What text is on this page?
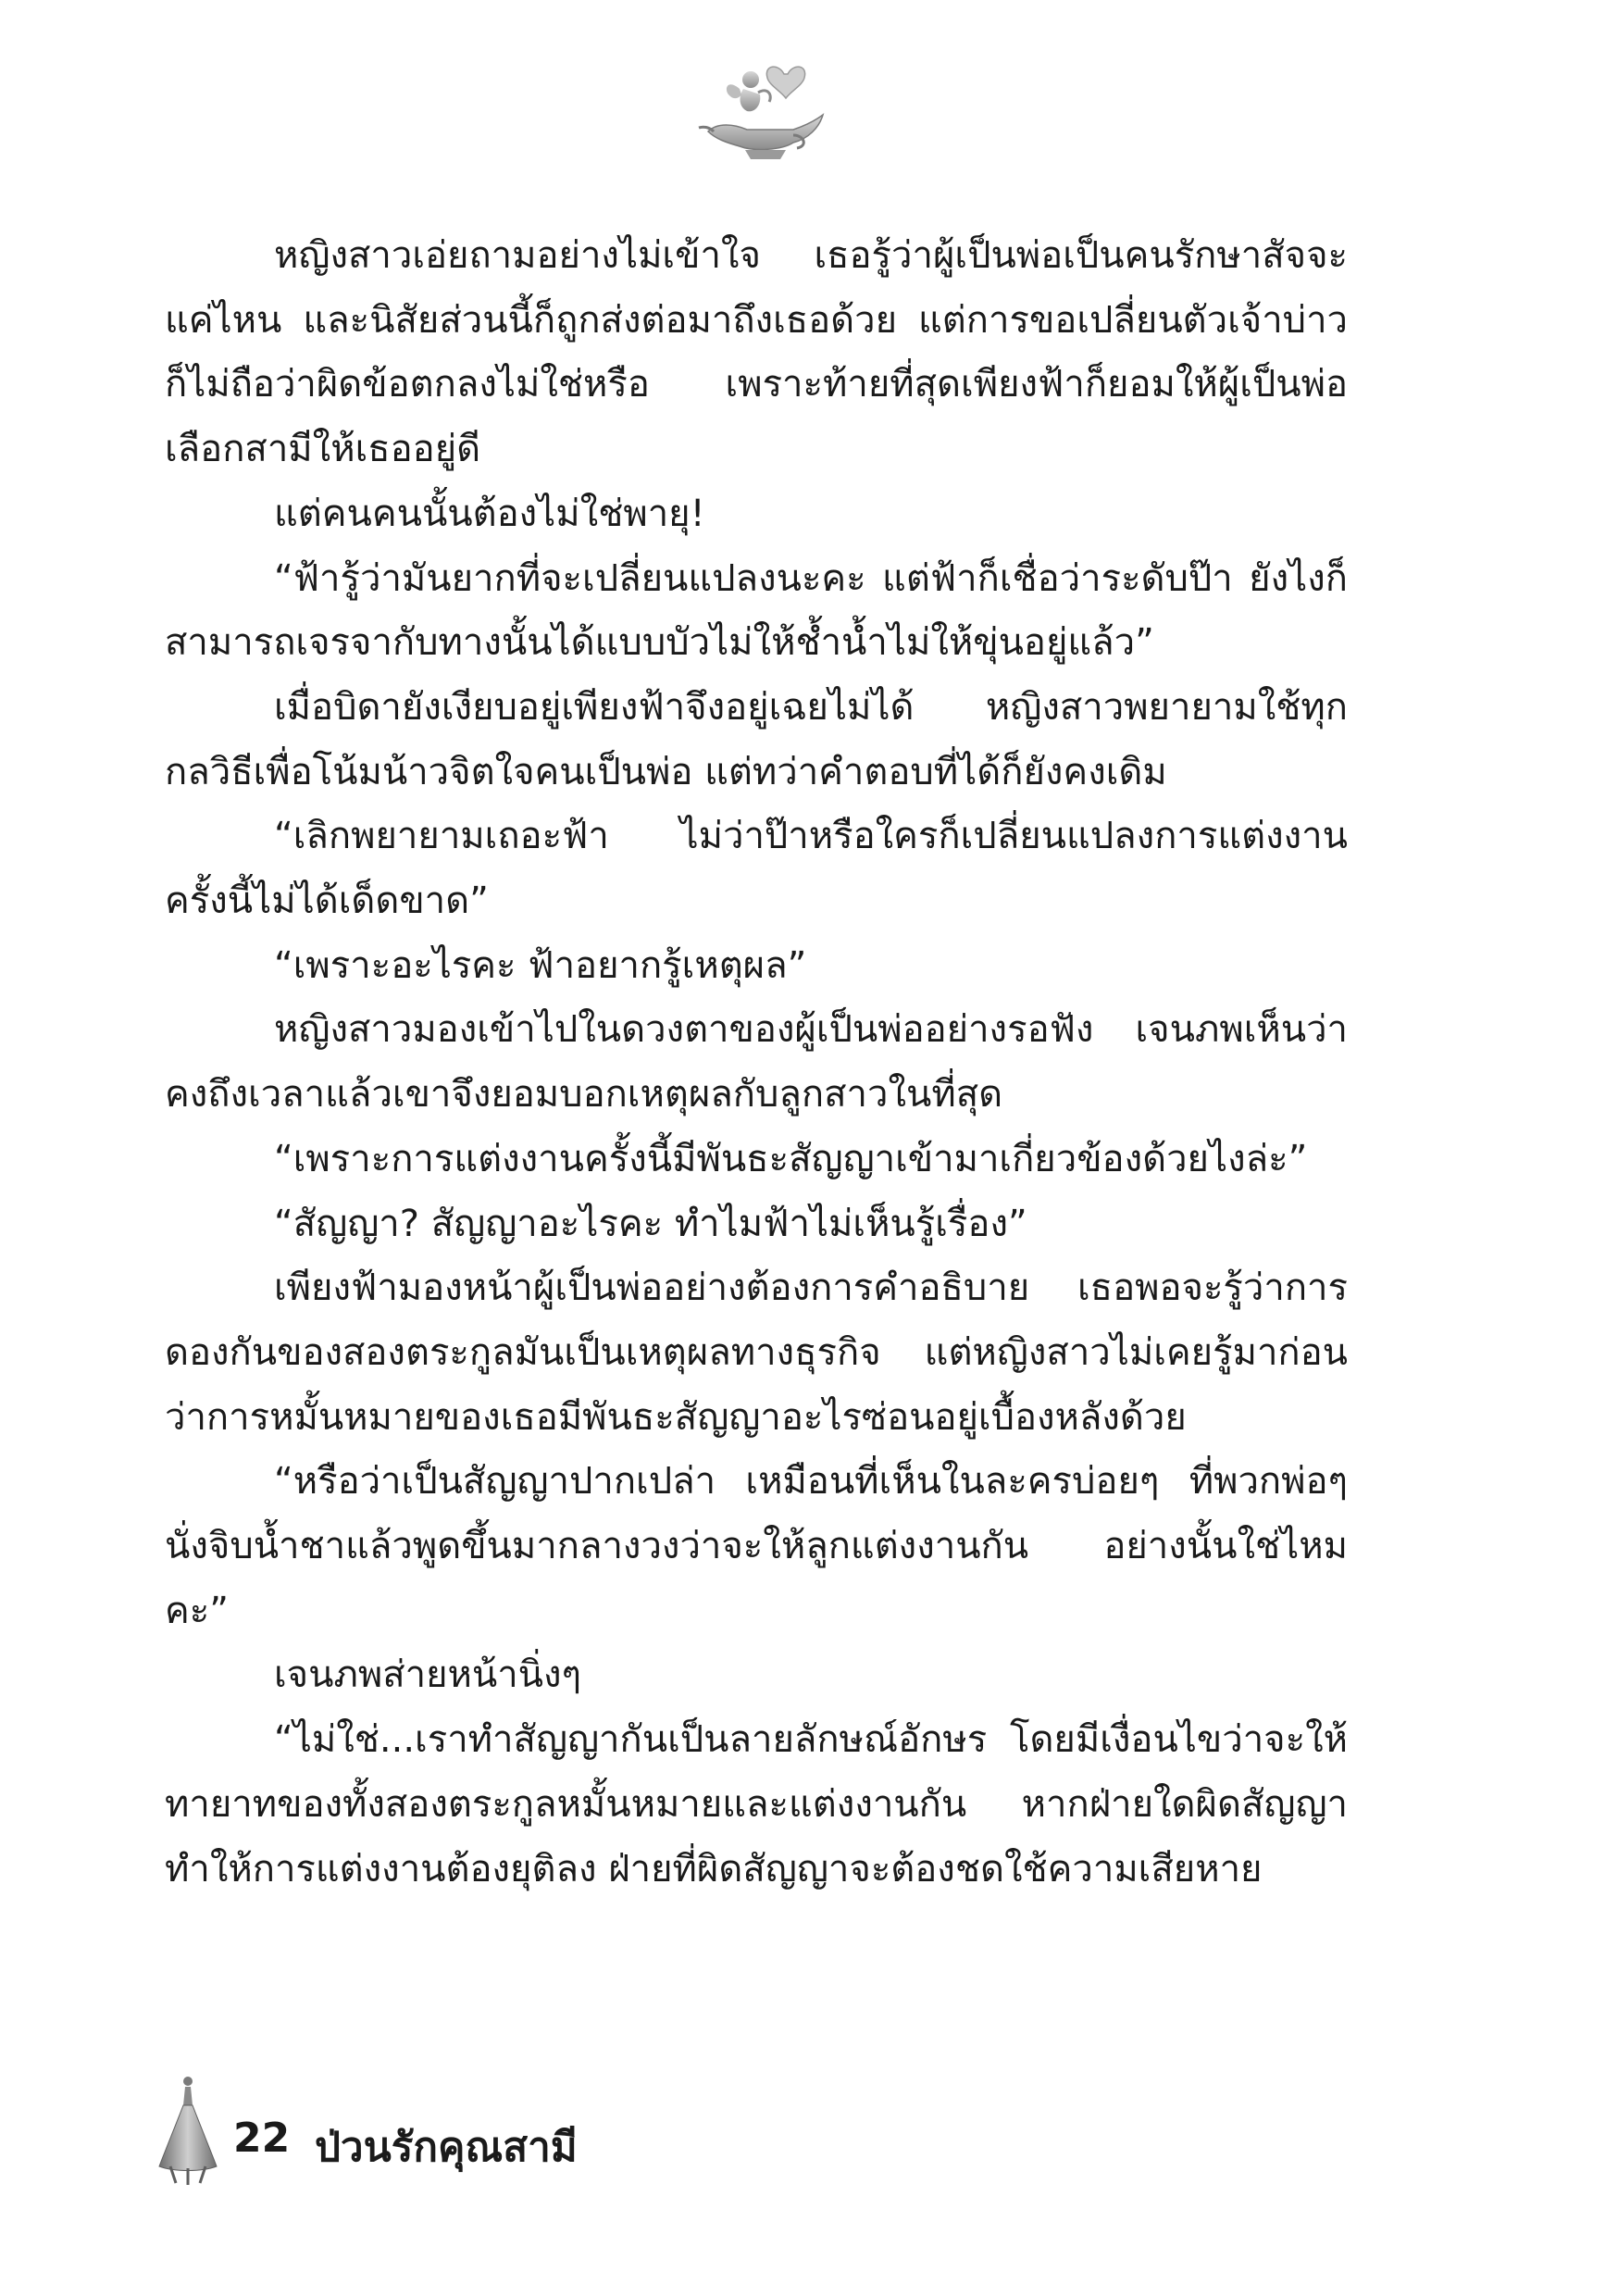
หญิงสาวเอ่ยถามอย่างไม่เข้าใจ เธอรู้ว่าผู้เป็นพ่อเป็นคนรักษาสัจจะแค่ไหน และนิสัยส่วนนี้ก็ถูกส่งต่อมาถึงเธอด้วย แต่การขอเปลี่ยนตัวเจ้าบ่าวก็ไม่ถือว่าผิดข้อตกลงไม่ใช่หรือ เพราะท้ายที่สุดเพียงฟ้าก็ยอมให้ผู้เป็นพ่อเลือกสามีให้เธออยู่ดี

แต่คนคนนั้นต้องไม่ใช่พายุ!

“ฟ้ารู้ว่ามันยากที่จะเปลี่ยนแปลงนะคะ แต่ฟ้าก็เชื่อว่าระดับป๊า ยังไงก็สามารถเจรจากับทางนั้นได้แบบบัวไม่ให้ช้ำน้ำไม่ให้ขุ่นอยู่แล้ว”

เมื่อบิดายังเงียบอยู่เพียงฟ้าจึงอยู่เฉยไม่ได้ หญิงสาวพยายามใช้ทุกกลวิธีเพื่อโน้มน้าวจิตใจคนเป็นพ่อ แต่ทว่าคำตอบที่ได้ก็ยังคงเดิม

“เลิกพยายามเถอะฟ้า ไม่ว่าป๊าหรือใครก็เปลี่ยนแปลงการแต่งงานครั้งนี้ไม่ได้เด็ดขาด”

“เพราะอะไรคะ ฟ้าอยากรู้เหตุผล”

หญิงสาวมองเข้าไปในดวงตาของผู้เป็นพ่ออย่างรอฟัง เจนภพเห็นว่าคงถึงเวลาแล้วเขาจึงยอมบอกเหตุผลกับลูกสาวในที่สุด

“เพราะการแต่งงานครั้งนี้มีพันธะสัญญาเข้ามาเกี่ยวข้องด้วยไงล่ะ”

“สัญญา? สัญญาอะไรคะ ทำไมฟ้าไม่เห็นรู้เรื่อง”

เพียงฟ้ามองหน้าผู้เป็นพ่ออย่างต้องการคำอธิบาย เธอพอจะรู้ว่าการดองกันของสองตระกูลมันเป็นเหตุผลทางธุรกิจ แต่หญิงสาวไม่เคยรู้มาก่อนว่าการหมั้นหมายของเธอมีพันธะสัญญาอะไรซ่อนอยู่เบื้องหลังด้วย

“หรือว่าเป็นสัญญาปากเปล่า เหมือนที่เห็นในละครบ่อยๆ ที่พวกพ่อๆ นั่งจิบน้ำชาแล้วพูดขึ้นมากลางวงว่าจะให้ลูกแต่งงานกัน อย่างนั้นใช่ไหมคะ”

เจนภพส่ายหน้านิ่งๆ

“ไม่ใช่...เราทำสัญญากันเป็นลายลักษณ์อักษร โดยมีเงื่อนไขว่าจะให้ทายาทของทั้งสองตระกูลหมั้นหมายและแต่งงานกัน หากฝ่ายใดผิดสัญญาทำให้การแต่งงานต้องยุติลง ฝ่ายที่ผิดสัญญาจะต้องชดใช้ความเสียหาย

22 ป่วนรักคุณสามี
